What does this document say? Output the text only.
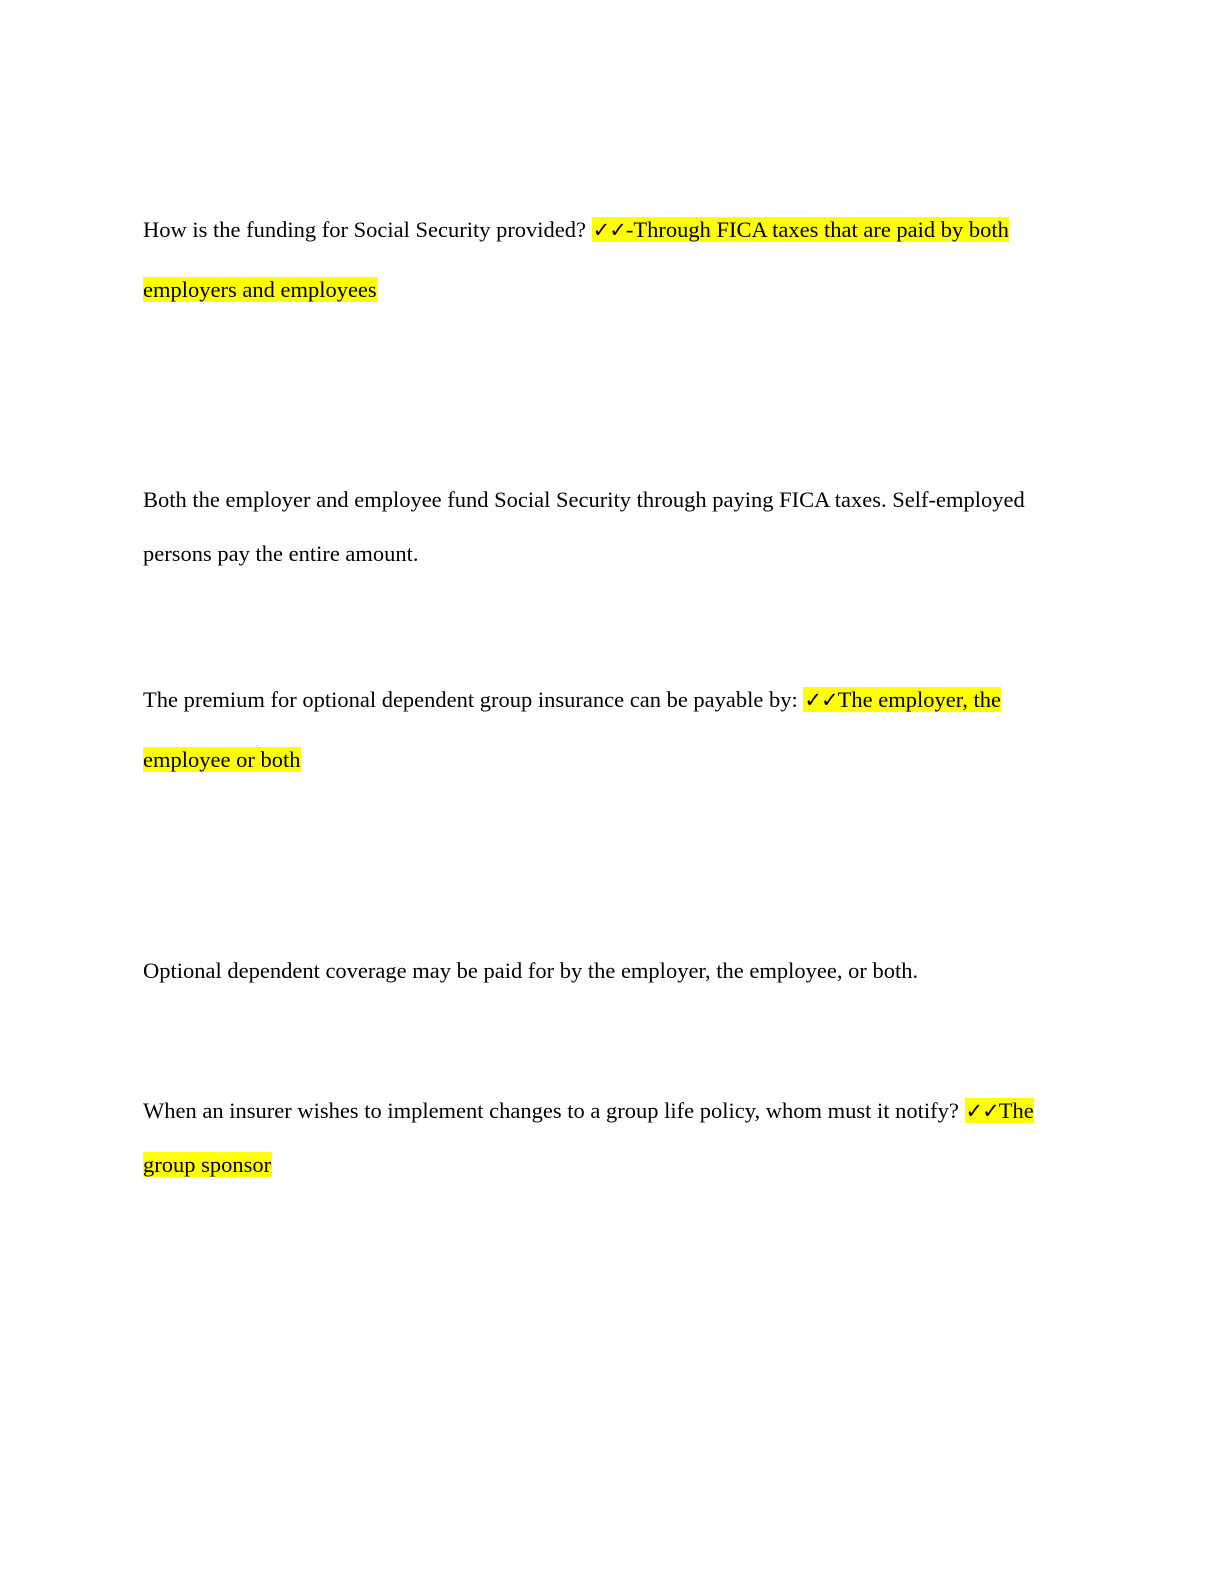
How is the funding for Social Security provided? ✓✓-Through FICA taxes that are paid by both employers and employees

Both the employer and employee fund Social Security through paying FICA taxes. Self-employed persons pay the entire amount.

The premium for optional dependent group insurance can be payable by: ✓✓The employer, the employee or both

Optional dependent coverage may be paid for by the employer, the employee, or both.

When an insurer wishes to implement changes to a group life policy, whom must it notify? ✓✓The group sponsor
